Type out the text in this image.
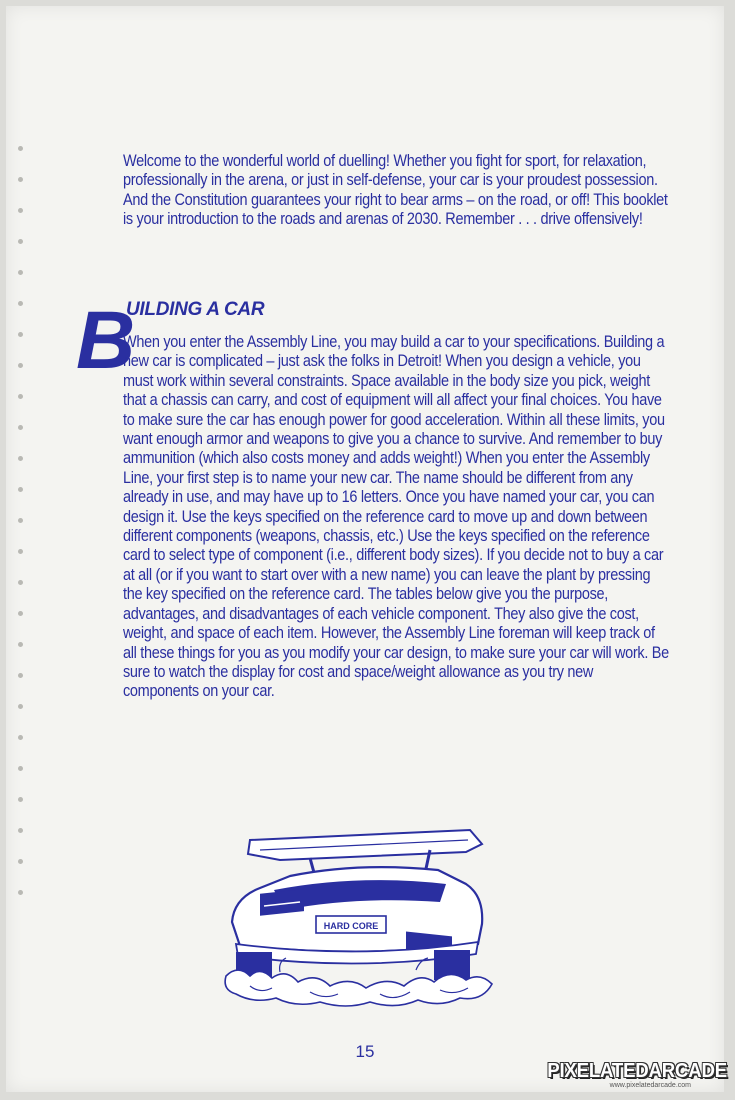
Welcome to the wonderful world of duelling! Whether you fight for sport, for relaxation, professionally in the arena, or just in self-defense, your car is your proudest possession. And the Constitution guarantees your right to bear arms – on the road, or off! This booklet is your introduction to the roads and arenas of 2030. Remember . . . drive offensively!
B
UILDING A CAR
When you enter the Assembly Line, you may build a car to your specifications. Building a new car is complicated – just ask the folks in Detroit! When you design a vehicle, you must work within several constraints. Space available in the body size you pick, weight that a chassis can carry, and cost of equipment will all affect your final choices. You have to make sure the car has enough power for good acceleration. Within all these limits, you want enough armor and weapons to give you a chance to survive. And remember to buy ammunition (which also costs money and adds weight!) When you enter the Assembly Line, your first step is to name your new car. The name should be different from any already in use, and may have up to 16 letters. Once you have named your car, you can design it. Use the keys specified on the reference card to move up and down between different components (weapons, chassis, etc.) Use the keys specified on the reference card to select type of component (i.e., different body sizes). If you decide not to buy a car at all (or if you want to start over with a new name) you can leave the plant by pressing the key specified on the reference card. The tables below give you the purpose, advantages, and disadvantages of each vehicle component. They also give the cost, weight, and space of each item. However, the Assembly Line foreman will keep track of all these things for you as you modify your car design, to make sure your car will work. Be sure to watch the display for cost and space/weight allowance as you try new components on your car.
HARD CORE
15
PIXELATEDARCADE
www.pixelatedarcade.com
